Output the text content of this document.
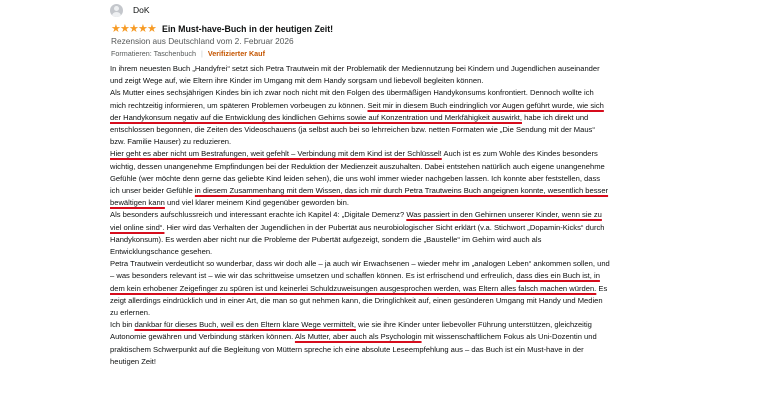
DoK
★ ★ ★ ★ ★ Ein Must-have-Buch in der heutigen Zeit!
Rezension aus Deutschland vom 2. Februar 2026
Formatieren: Taschenbuch | Verifizierter Kauf

In ihrem neuesten Buch „Handyfrei“ setzt sich Petra Trautwein mit der Problematik der Mediennutzung bei Kindern und Jugendlichen auseinander und zeigt Wege auf, wie Eltern ihre Kinder im Umgang mit dem Handy sorgsam und liebevoll begleiten können.

Als Mutter eines sechsjährigen Kindes bin ich zwar noch nicht mit den Folgen des übermäßigen Handykonsums konfrontiert. Dennoch wollte ich mich rechtzeitig informieren, um späteren Problemen vorbeugen zu können. Seit mir in diesem Buch eindringlich vor Augen geführt wurde, wie sich der Handykonsum negativ auf die Entwicklung des kindlichen Gehirns sowie auf Konzentration und Merkfähigkeit auswirkt, habe ich direkt und entschlossen begonnen, die Zeiten des Videoschauens (ja selbst auch bei so lehrreichen bzw. netten Formaten wie „Die Sendung mit der Maus“ bzw. Familie Hauser) zu reduzieren.

Hier geht es aber nicht um Bestrafungen, weit gefehlt – Verbindung mit dem Kind ist der Schlüssel! Auch ist es zum Wohle des Kindes besonders wichtig, dessen unangenehme Empfindungen bei der Reduktion der Medienzeit auszuhalten. Dabei entstehen natürlich auch eigene unangenehme Gefühle (wer möchte denn gerne das geliebte Kind leiden sehen), die uns wohl immer wieder nachgeben lassen. Ich konnte aber feststellen, dass ich unser beider Gefühle in diesem Zusammenhang mit dem Wissen, das ich mir durch Petra Trautweins Buch angeignen konnte, wesentlich besser bewältigen kann und viel klarer meinem Kind gegenüber geworden bin.

Als besonders aufschlussreich und interessant erachte ich Kapitel 4: „Digitale Demenz? Was passiert in den Gehirnen unserer Kinder, wenn sie zu viel online sind“. Hier wird das Verhalten der Jugendlichen in der Pubertät aus neurobiologischer Sicht erklärt (v.a. Stichwort „Dopamin-Kicks“ durch Handykonsum). Es werden aber nicht nur die Probleme der Pubertät aufgezeigt, sondern die „Baustelle“ im Gehirn wird auch als Entwicklungschance gesehen.

Petra Trautwein verdeutlicht so wunderbar, dass wir doch alle – ja auch wir Erwachsenen – wieder mehr im „analogen Leben“ ankommen sollen, und – was besonders relevant ist – wie wir das schrittweise umsetzen und schaffen können. Es ist erfrischend und erfreulich, dass dies ein Buch ist, in dem kein erhobener Zeigefinger zu spüren ist und keinerlei Schuldzuweisungen ausgesprochen werden, was Eltern alles falsch machen würden. Es zeigt allerdings eindrücklich und in einer Art, die man so gut nehmen kann, die Dringlichkeit auf, einen gesünderen Umgang mit Handy und Medien zu erlernen.

Ich bin dankbar für dieses Buch, weil es den Eltern klare Wege vermittelt, wie sie ihre Kinder unter liebevoller Führung unterstützen, gleichzeitig Autonomie gewähren und Verbindung stärken können. Als Mutter, aber auch als Psychologin mit wissenschaftlichem Fokus als Uni-Dozentin und praktischem Schwerpunkt auf die Begleitung von Müttern spreche ich eine absolute Leseempfehlung aus – das Buch ist ein Must-have in der heutigen Zeit!
